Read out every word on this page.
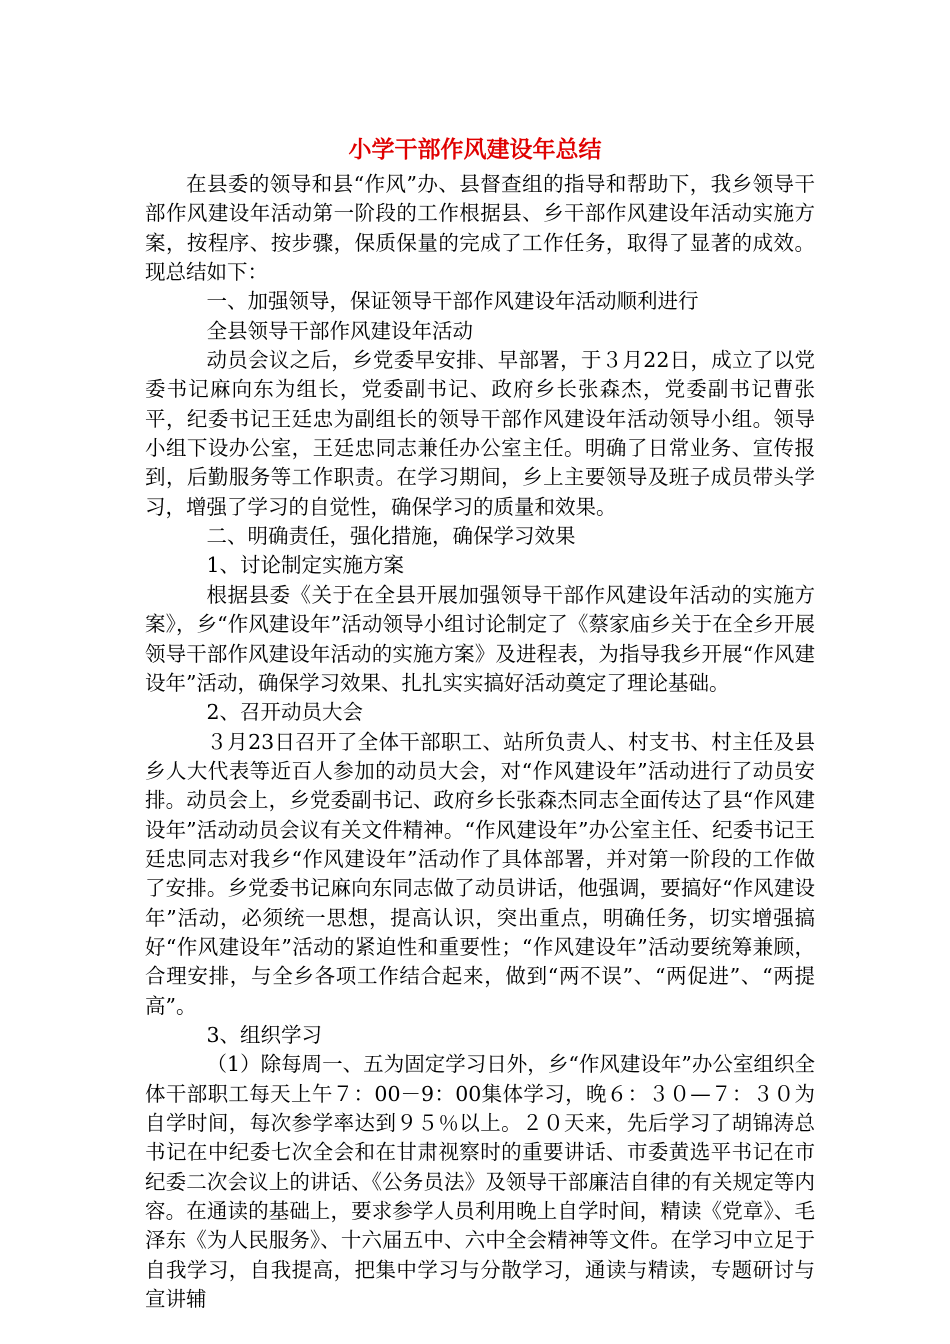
小学干部作风建设年总结

在县委的领导和县“作风”办、县督查组的指导和帮助下，我乡领导干部作风建设年活动第一阶段的工作根据县、乡干部作风建设年活动实施方案，按程序、按步骤，保质保量的完成了工作任务，取得了显著的成效。现总结如下：

一、加强领导，保证领导干部作风建设年活动顺利进行

全县领导干部作风建设年活动

动员会议之后，乡党委早安排、早部署，于３月22日，成立了以党委书记麻向东为组长，党委副书记、政府乡长张森杰，党委副书记曹张平，纪委书记王廷忠为副组长的领导干部作风建设年活动领导小组。领导小组下设办公室，王廷忠同志兼任办公室主任。明确了日常业务、宣传报到，后勤服务等工作职责。在学习期间，乡上主要领导及班子成员带头学习，增强了学习的自觉性，确保学习的质量和效果。

二、明确责任，强化措施，确保学习效果

1、讨论制定实施方案

根据县委《关于在全县开展加强领导干部作风建设年活动的实施方案》，乡“作风建设年”活动领导小组讨论制定了《蔡家庙乡关于在全乡开展领导干部作风建设年活动的实施方案》及进程表，为指导我乡开展“作风建设年”活动，确保学习效果、扎扎实实搞好活动奠定了理论基础。

2、召开动员大会

３月23日召开了全体干部职工、站所负责人、村支书、村主任及县乡人大代表等近百人参加的动员大会，对“作风建设年”活动进行了动员安排。动员会上，乡党委副书记、政府乡长张森杰同志全面传达了县“作风建设年”活动动员会议有关文件精神。“作风建设年”办公室主任、纪委书记王廷忠同志对我乡“作风建设年”活动作了具体部署，并对第一阶段的工作做了安排。乡党委书记麻向东同志做了动员讲话，他强调，要搞好“作风建设年”活动，必须统一思想，提高认识，突出重点，明确任务，切实增强搞好“作风建设年”活动的紧迫性和重要性；“作风建设年”活动要统筹兼顾，合理安排，与全乡各项工作结合起来，做到“两不误”、“两促进”、“两提高”。

3、组织学习

（1）除每周一、五为固定学习日外，乡“作风建设年”办公室组织全体干部职工每天上午７：00－9：00集体学习，晚６：３０—７：３０为自学时间，每次参学率达到９５％以上。２０天来，先后学习了胡锦涛总书记在中纪委七次全会和在甘肃视察时的重要讲话、市委黄选平书记在市纪委二次会议上的讲话、《公务员法》及领导干部廉洁自律的有关规定等内容。在通读的基础上，要求参学人员利用晚上自学时间，精读《党章》、毛泽东《为人民服务》、十六届五中、六中全会精神等文件。在学习中立足于自我学习，自我提高，把集中学习与分散学习，通读与精读，专题研讨与宣讲辅
